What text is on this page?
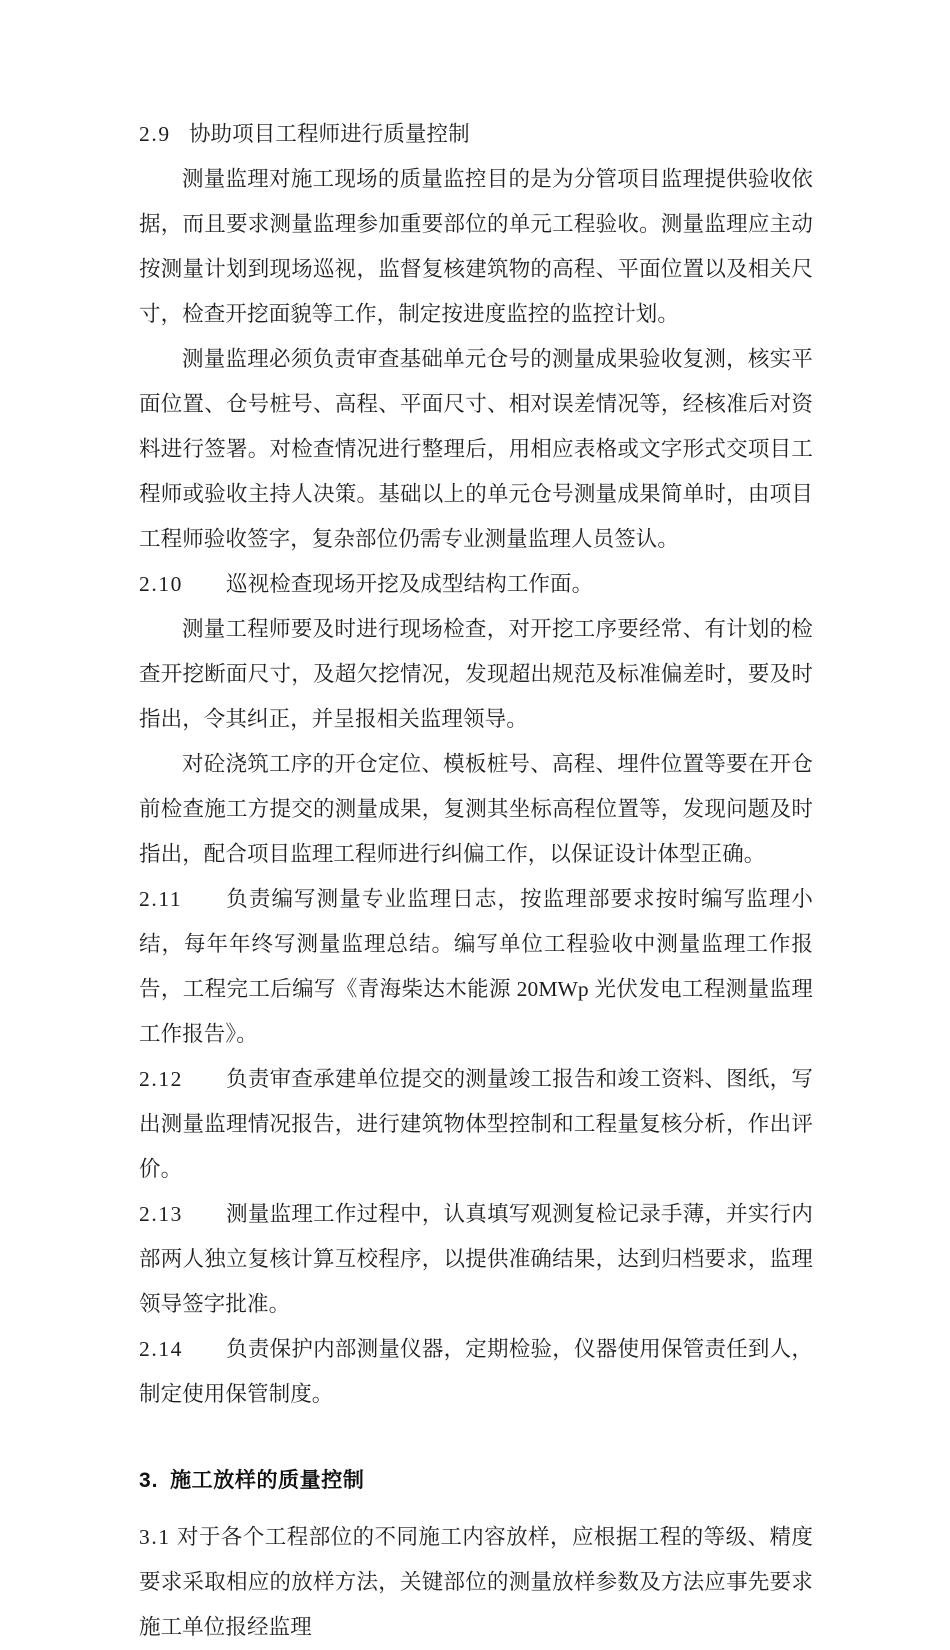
2.9 协助项目工程师进行质量控制

测量监理对施工现场的质量监控目的是为分管项目监理提供验收依据，而且要求测量监理参加重要部位的单元工程验收。测量监理应主动按测量计划到现场巡视，监督复核建筑物的高程、平面位置以及相关尺寸，检查开挖面貌等工作，制定按进度监控的监控计划。

测量监理必须负责审查基础单元仓号的测量成果验收复测，核实平面位置、仓号桩号、高程、平面尺寸、相对误差情况等，经核准后对资料进行签署。对检查情况进行整理后，用相应表格或文字形式交项目工程师或验收主持人决策。基础以上的单元仓号测量成果简单时，由项目工程师验收签字，复杂部位仍需专业测量监理人员签认。

2.10 巡视检查现场开挖及成型结构工作面。

测量工程师要及时进行现场检查，对开挖工序要经常、有计划的检查开挖断面尺寸，及超欠挖情况，发现超出规范及标准偏差时，要及时指出，令其纠正，并呈报相关监理领导。

对砼浇筑工序的开仓定位、模板桩号、高程、埋件位置等要在开仓前检查施工方提交的测量成果，复测其坐标高程位置等，发现问题及时指出，配合项目监理工程师进行纠偏工作，以保证设计体型正确。

2.11 负责编写测量专业监理日志，按监理部要求按时编写监理小结，每年年终写测量监理总结。编写单位工程验收中测量监理工作报告，工程完工后编写《青海柴达木能源 20MWp 光伏发电工程测量监理工作报告》。

2.12 负责审查承建单位提交的测量竣工报告和竣工资料、图纸，写出测量监理情况报告，进行建筑物体型控制和工程量复核分析，作出评价。

2.13 测量监理工作过程中，认真填写观测复检记录手薄，并实行内部两人独立复核计算互校程序，以提供准确结果，达到归档要求，监理领导签字批准。

2.14 负责保护内部测量仪器，定期检验，仪器使用保管责任到人，制定使用保管制度。

3. 施工放样的质量控制

3.1 对于各个工程部位的不同施工内容放样，应根据工程的等级、精度要求采取相应的放样方法，关键部位的测量放样参数及方法应事先要求施工单位报经监理
